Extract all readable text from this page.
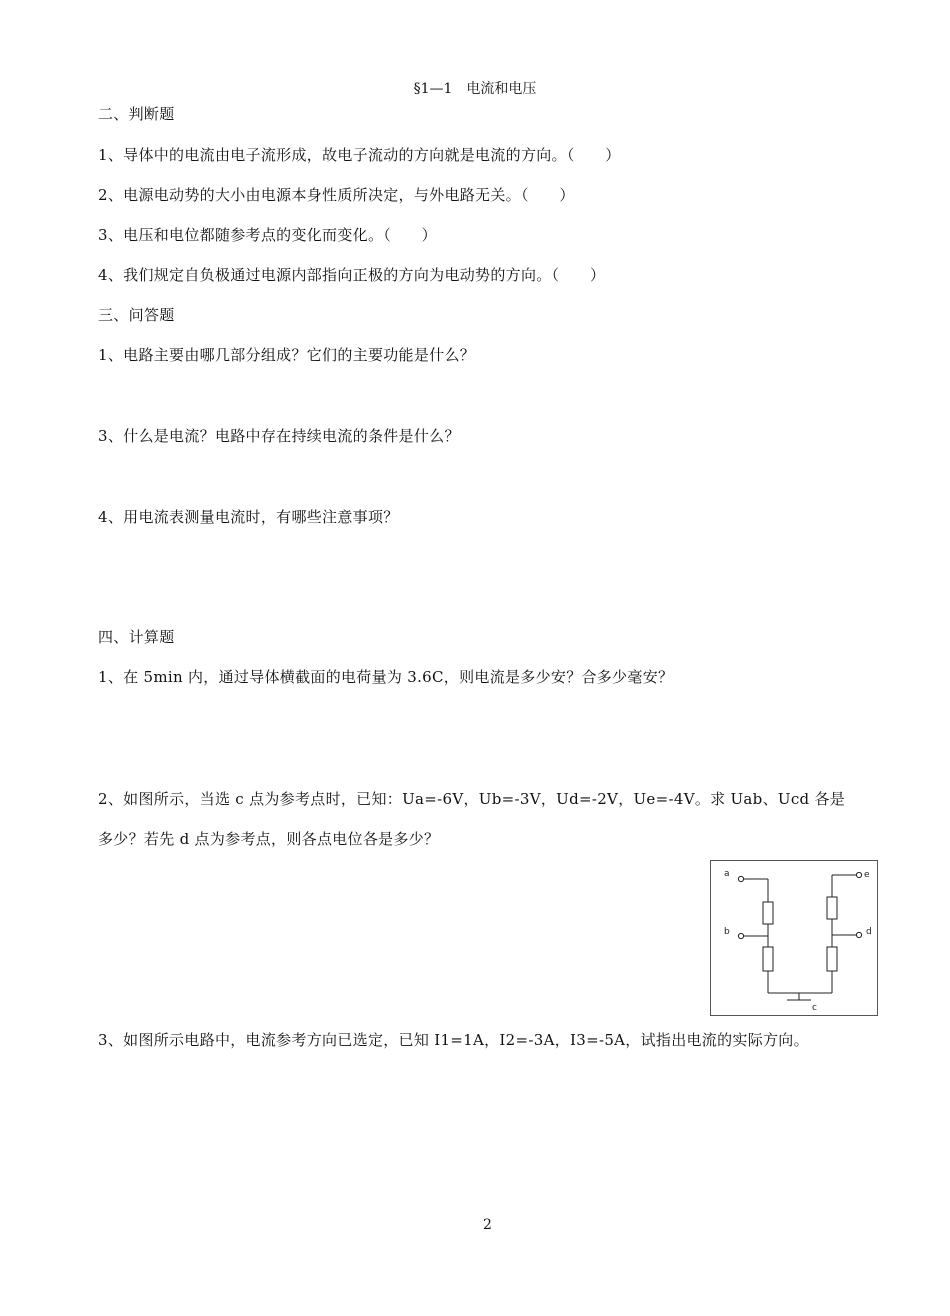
§1—1　电流和电压
二、判断题
1、导体中的电流由电子流形成，故电子流动的方向就是电流的方向。（　　）
2、电源电动势的大小由电源本身性质所决定，与外电路无关。（　　）
3、电压和电位都随参考点的变化而变化。（　　）
4、我们规定自负极通过电源内部指向正极的方向为电动势的方向。（　　）
三、问答题
1、电路主要由哪几部分组成？它们的主要功能是什么？
3、什么是电流？电路中存在持续电流的条件是什么？
4、用电流表测量电流时，有哪些注意事项？
四、计算题
1、在 5min 内，通过导体横截面的电荷量为 3.6C，则电流是多少安？合多少毫安？
2、如图所示，当选 c 点为参考点时，已知：Ua=-6V，Ub=-3V，Ud=-2V，Ue=-4V。求 Uab、Ucd 各是
多少？若先 d 点为参考点，则各点电位各是多少？
a
b
e
d
c
3、如图所示电路中，电流参考方向已选定，已知 I1=1A，I2=-3A，I3=-5A，试指出电流的实际方向。
2
